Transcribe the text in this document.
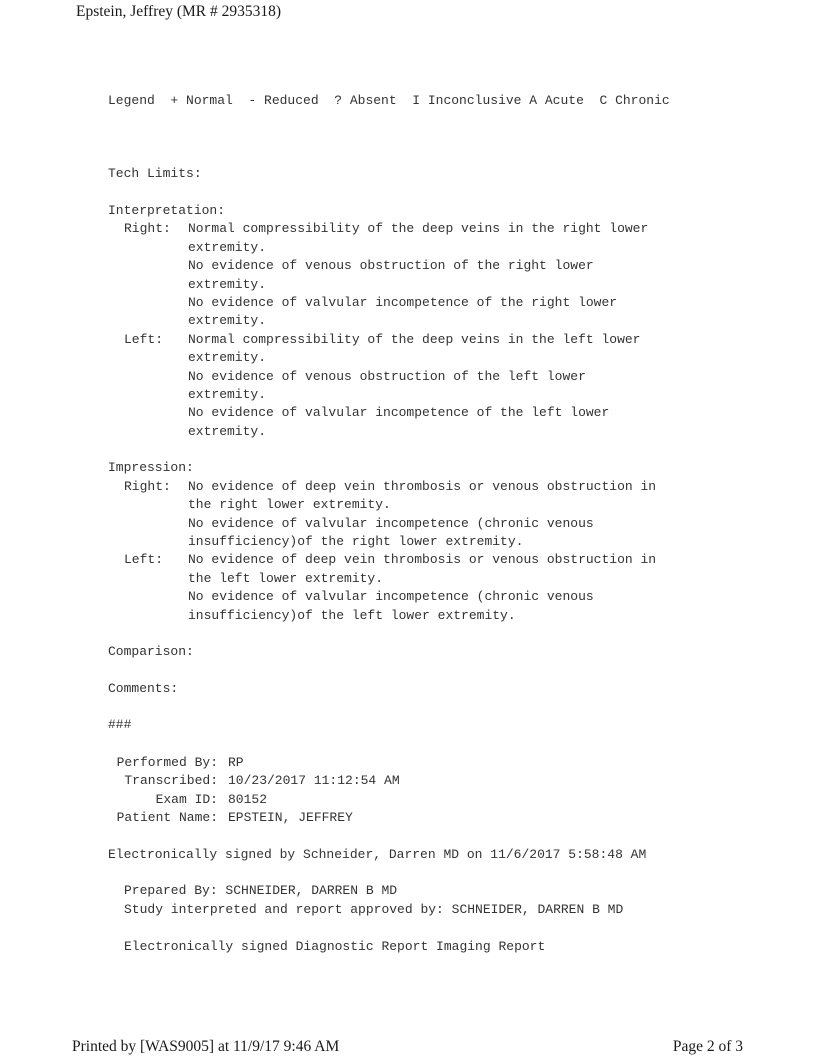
Epstein, Jeffrey (MR # 2935318)
Legend  + Normal  - Reduced  ? Absent  I Inconclusive A Acute  C Chronic
Tech Limits:
Interpretation:
Right: Normal compressibility of the deep veins in the right lower
extremity.
No evidence of venous obstruction of the right lower
extremity.
No evidence of valvular incompetence of the right lower
extremity.
Left: Normal compressibility of the deep veins in the left lower
extremity.
No evidence of venous obstruction of the left lower
extremity.
No evidence of valvular incompetence of the left lower
extremity.
Impression:
Right: No evidence of deep vein thrombosis or venous obstruction in
the right lower extremity.
No evidence of valvular incompetence (chronic venous
insufficiency)of the right lower extremity.
Left: No evidence of deep vein thrombosis or venous obstruction in
the left lower extremity.
No evidence of valvular incompetence (chronic venous
insufficiency)of the left lower extremity.
Comparison:
Comments:
###
Performed By: RP
Transcribed: 10/23/2017 11:12:54 AM
Exam ID: 80152
Patient Name: EPSTEIN, JEFFREY
Electronically signed by Schneider, Darren MD on 11/6/2017 5:58:48 AM
Prepared By: SCHNEIDER, DARREN B MD
Study interpreted and report approved by: SCHNEIDER, DARREN B MD
Electronically signed Diagnostic Report Imaging Report
Printed by [WAS9005] at 11/9/17 9:46 AM	Page 2 of 3
